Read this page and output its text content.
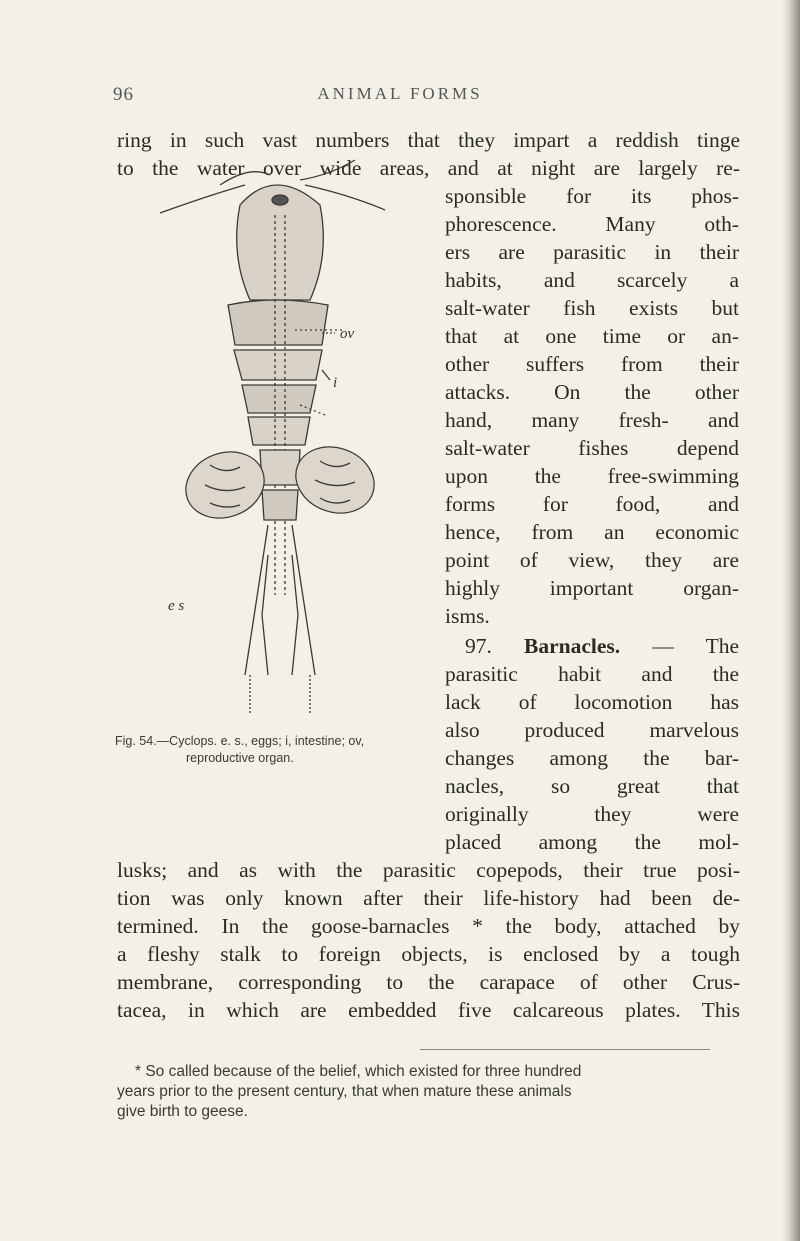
96	ANIMAL FORMS
ring in such vast numbers that they impart a reddish tinge
to the water over wide areas, and at night are largely re-
sponsible for its phos-
phorescence. Many oth-
ers are parasitic in their
habits, and scarcely a
salt-water fish exists but
that at one time or an-
other suffers from their
attacks. On the other
hand, many fresh- and
salt-water fishes depend
upon the free-swimming
forms for food, and
hence, from an economic
point of view, they are
highly important organ-
isms.
97. Barnacles. — The
parasitic habit and the
lack of locomotion has
also produced marvelous
changes among the bar-
nacles, so great that
originally they were
placed among the mol-
lusks; and as with the parasitic copepods, their true posi-
tion was only known after their life-history had been de-
termined. In the goose-barnacles * the body, attached by
a fleshy stalk to foreign objects, is enclosed by a tough
membrane, corresponding to the carapace of other Crus-
tacea, in which are embedded five calcareous plates. This
ov
i
e s
Fig. 54.—Cyclops. e. s., eggs; i, intestine; ov,
reproductive organ.
* So called because of the belief, which existed for three hundred
years prior to the present century, that when mature these animals
give birth to geese.
